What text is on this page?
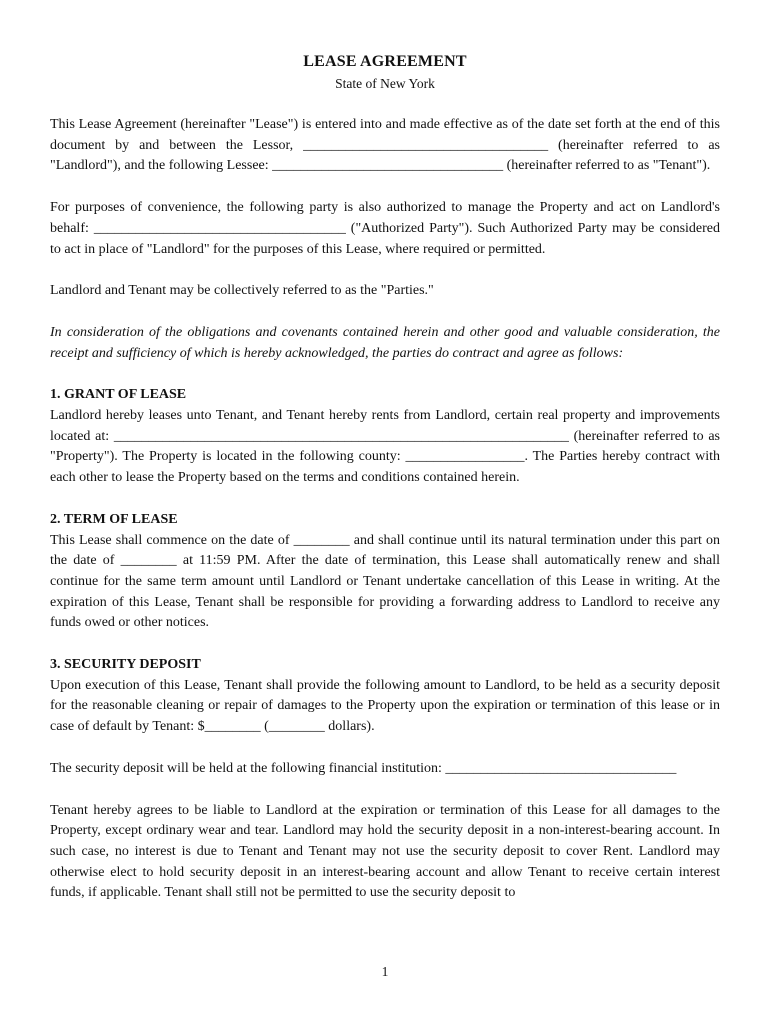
LEASE AGREEMENT

State of New York

This Lease Agreement (hereinafter "Lease") is entered into and made effective as of the date set forth at the end of this document by and between the Lessor, ___________________________________ (hereinafter referred to as "Landlord"), and the following Lessee: _________________________________ (hereinafter referred to as "Tenant").

For purposes of convenience, the following party is also authorized to manage the Property and act on Landlord's behalf: ____________________________________ ("Authorized Party"). Such Authorized Party may be considered to act in place of "Landlord" for the purposes of this Lease, where required or permitted.

Landlord and Tenant may be collectively referred to as the "Parties."

In consideration of the obligations and covenants contained herein and other good and valuable consideration, the receipt and sufficiency of which is hereby acknowledged, the parties do contract and agree as follows:

1. GRANT OF LEASE

Landlord hereby leases unto Tenant, and Tenant hereby rents from Landlord, certain real property and improvements located at: _________________________________________________________________ (hereinafter referred to as "Property"). The Property is located in the following county: _________________. The Parties hereby contract with each other to lease the Property based on the terms and conditions contained herein.

2. TERM OF LEASE

This Lease shall commence on the date of ________ and shall continue until its natural termination under this part on the date of ________ at 11:59 PM. After the date of termination, this Lease shall automatically renew and shall continue for the same term amount until Landlord or Tenant undertake cancellation of this Lease in writing. At the expiration of this Lease, Tenant shall be responsible for providing a forwarding address to Landlord to receive any funds owed or other notices.

3. SECURITY DEPOSIT

Upon execution of this Lease, Tenant shall provide the following amount to Landlord, to be held as a security deposit for the reasonable cleaning or repair of damages to the Property upon the expiration or termination of this lease or in case of default by Tenant: $________ (________ dollars).

The security deposit will be held at the following financial institution: _________________________________

Tenant hereby agrees to be liable to Landlord at the expiration or termination of this Lease for all damages to the Property, except ordinary wear and tear. Landlord may hold the security deposit in a non-interest-bearing account. In such case, no interest is due to Tenant and Tenant may not use the security deposit to cover Rent. Landlord may otherwise elect to hold security deposit in an interest-bearing account and allow Tenant to receive certain interest funds, if applicable. Tenant shall still not be permitted to use the security deposit to

1
